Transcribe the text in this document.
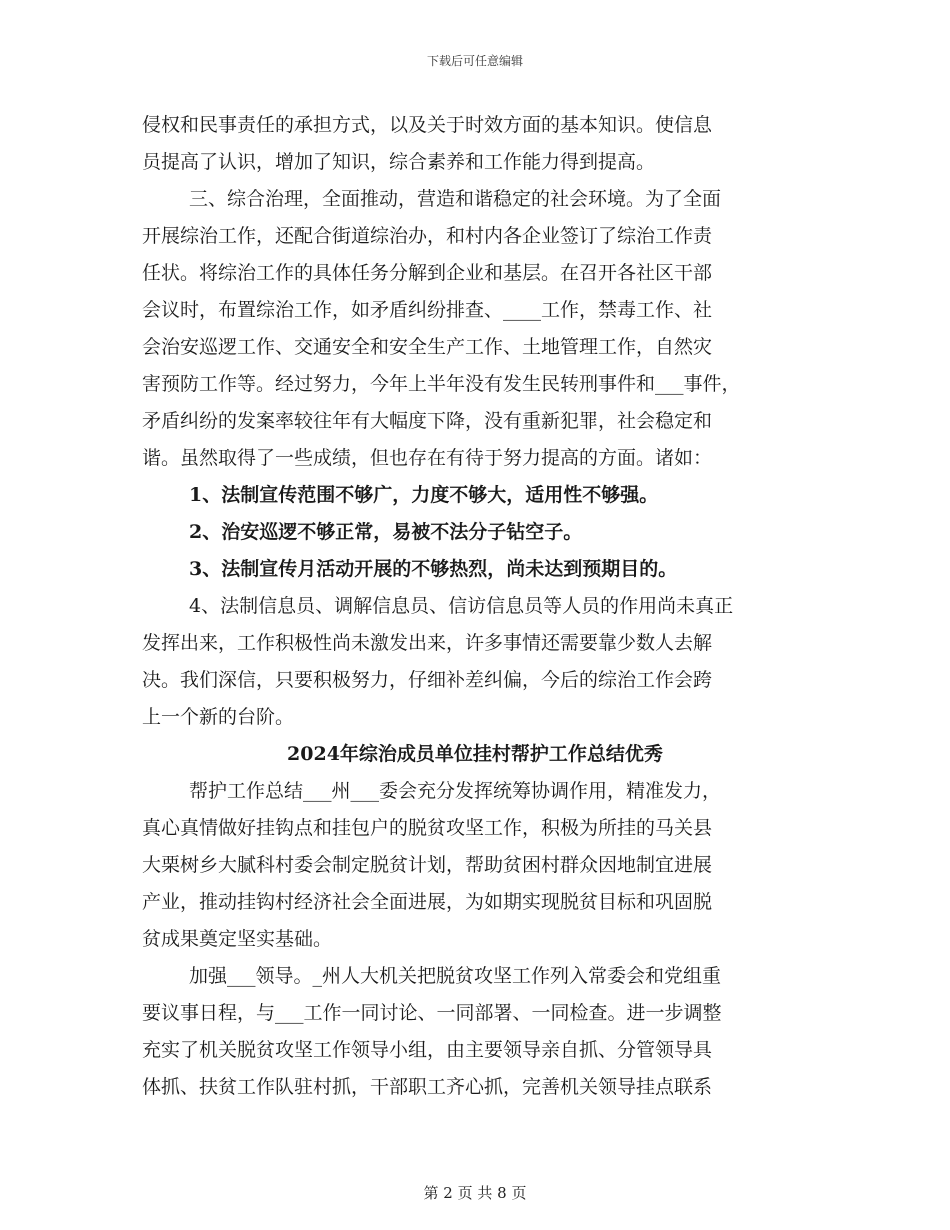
下载后可任意编辑
侵权和民事责任的承担方式，以及关于时效方面的基本知识。使信息
员提高了认识，增加了知识，综合素养和工作能力得到提高。
三、综合治理，全面推动，营造和谐稳定的社会环境。为了全面
开展综治工作，还配合街道综治办，和村内各企业签订了综治工作责
任状。将综治工作的具体任务分解到企业和基层。在召开各社区干部
会议时，布置综治工作，如矛盾纠纷排查、____工作，禁毒工作、社
会治安巡逻工作、交通安全和安全生产工作、土地管理工作，自然灾
害预防工作等。经过努力，今年上半年没有发生民转刑事件和___事件，
矛盾纠纷的发案率较往年有大幅度下降，没有重新犯罪，社会稳定和
谐。虽然取得了一些成绩，但也存在有待于努力提高的方面。诸如：
1、法制宣传范围不够广，力度不够大，适用性不够强。
2、治安巡逻不够正常，易被不法分子钻空子。
3、法制宣传月活动开展的不够热烈，尚未达到预期目的。
4、法制信息员、调解信息员、信访信息员等人员的作用尚未真正
发挥出来，工作积极性尚未激发出来，许多事情还需要靠少数人去解
决。我们深信，只要积极努力，仔细补差纠偏，今后的综治工作会跨
上一个新的台阶。
2024年综治成员单位挂村帮护工作总结优秀
帮护工作总结___州___委会充分发挥统筹协调作用，精准发力，
真心真情做好挂钩点和挂包户的脱贫攻坚工作，积极为所挂的马关县
大栗树乡大腻科村委会制定脱贫计划，帮助贫困村群众因地制宜进展
产业，推动挂钩村经济社会全面进展，为如期实现脱贫目标和巩固脱
贫成果奠定坚实基础。
加强___领导。_州人大机关把脱贫攻坚工作列入常委会和党组重
要议事日程，与___工作一同讨论、一同部署、一同检查。进一步调整
充实了机关脱贫攻坚工作领导小组，由主要领导亲自抓、分管领导具
体抓、扶贫工作队驻村抓，干部职工齐心抓，完善机关领导挂点联系
第 2 页 共 8 页
